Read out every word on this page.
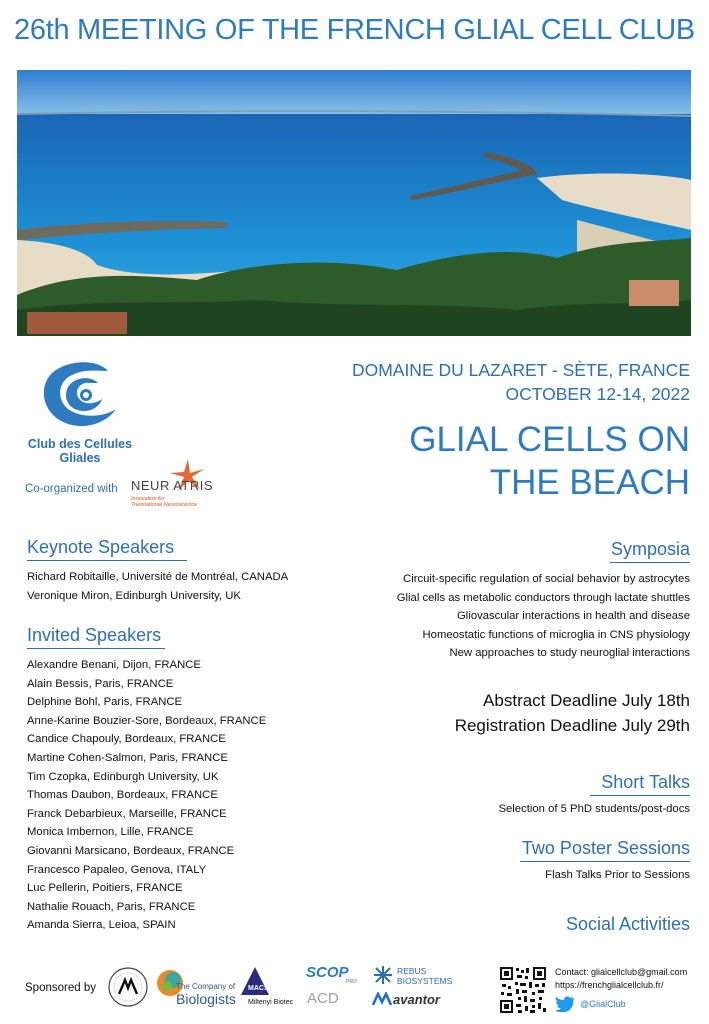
26th MEETING OF THE FRENCH GLIAL CELL CLUB
Club des Cellules
Gliales
Co-organized with NEUR ATRIS
Innovation for
Translational Neuroscience
DOMAINE DU LAZARET - SÈTE, FRANCE
OCTOBER 12-14, 2022
GLIAL CELLS ON
THE BEACH
Keynote Speakers
Richard Robitaille, Université de Montréal, CANADA
Veronique Miron, Edinburgh University, UK
Invited Speakers
Alexandre Benani, Dijon, FRANCE
Alain Bessis, Paris, FRANCE
Delphine Bohl, Paris, FRANCE
Anne-Karine Bouzier-Sore, Bordeaux, FRANCE
Candice Chapouly, Bordeaux, FRANCE
Martine Cohen-Salmon, Paris, FRANCE
Tim Czopka, Edinburgh University, UK
Thomas Daubon, Bordeaux, FRANCE
Franck Debarbieux, Marseille, FRANCE
Monica Imbernon, Lille, FRANCE
Giovanni Marsicano, Bordeaux, FRANCE
Francesco Papaleo, Genova, ITALY
Luc Pellerin, Poitiers, FRANCE
Nathalie Rouach, Paris, FRANCE
Amanda Sierra, Leioa, SPAIN
Symposia
Circuit-specific regulation of social behavior by astrocytes
Glial cells as metabolic conductors through lactate shuttles
Gliovascular interactions in health and disease
Homeostatic functions of microglia in CNS physiology
New approaches to study neuroglial interactions
Abstract Deadline July 18th
Registration Deadline July 29th
Short Talks
Selection of 5 PhD students/post-docs
Two Poster Sessions
Flash Talks Prior to Sessions
Social Activities
Sponsored by	The Company of
Biologists
MACS
Miltenyi Biotec
SCOP
PRO
ACD
REBUS
BIOSYSTEMS
avantor
Contact: glialcellclub@gmail.com
https://frenchglialcellclub.fr/
@GlialClub
